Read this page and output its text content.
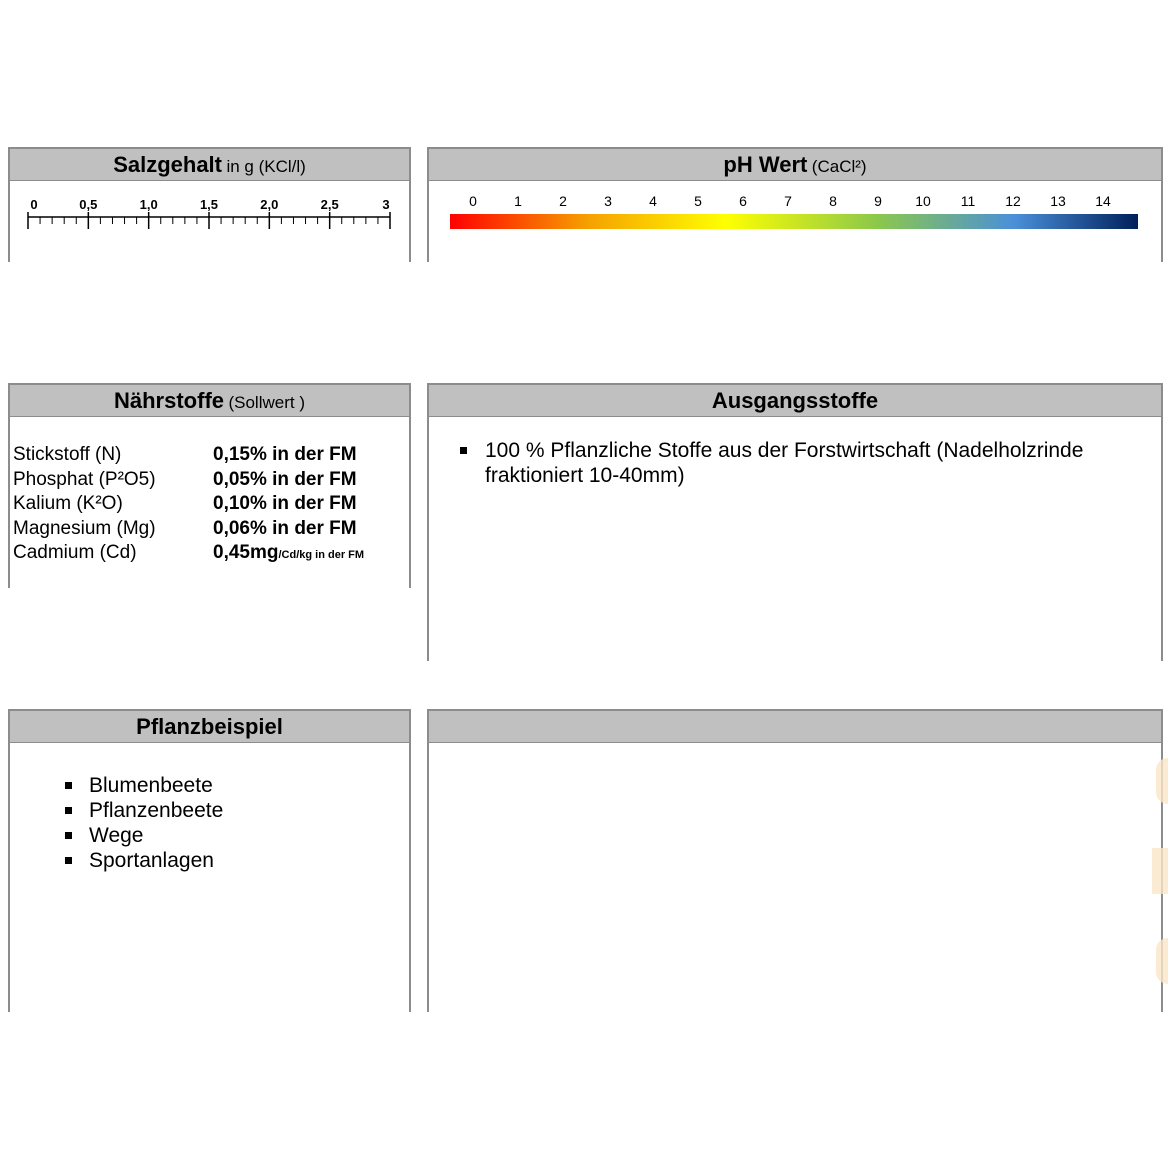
Salzgehalt in g (KCl/l)
0	0,5	1,0	1,5	2,0	2,5	3
pH Wert (CaCl²)
0	1	2	3	4	5	6	7	8	9 10 11 12 13 14
Nährstoffe (Sollwert )
Stickstoff (N)	0,15% in der FM
Phosphat (P²O5)	0,05% in der FM
Kalium (K²O)	0,10% in der FM
Magnesium (Mg)	0,06% in der FM
Cadmium (Cd)	0,45mg/Cd/kg in der FM
Ausgangsstoffe
100 % Pflanzliche Stoffe aus der Forstwirtschaft (Nadelholzrinde fraktioniert 10-40mm)
Pflanzbeispiel
Blumenbeete
Pflanzenbeete
Wege
Sportanlagen
